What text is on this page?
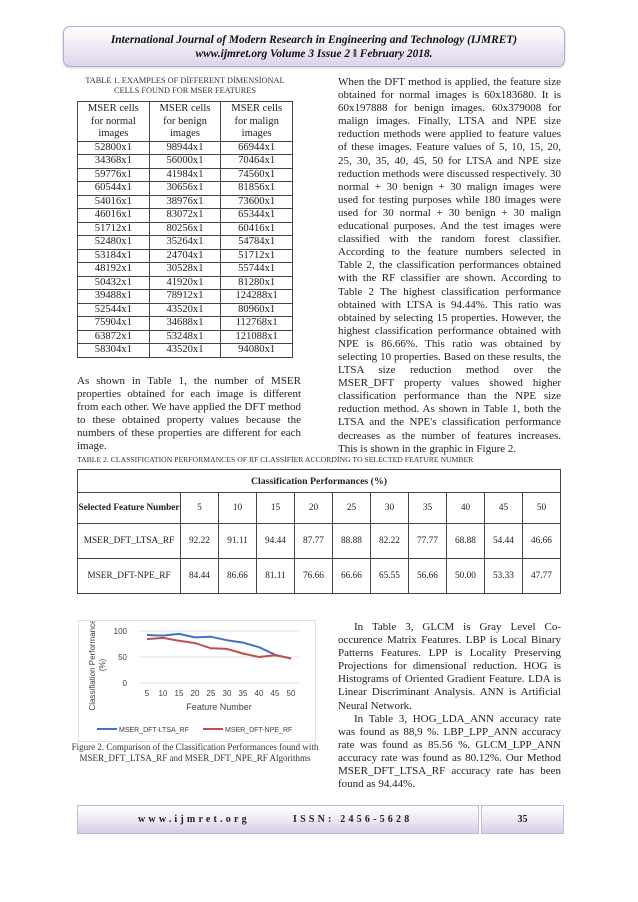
International Journal of Modern Research in Engineering and Technology (IJMRET)
www.ijmret.org Volume 3 Issue 2 ǁ February 2018.
TABLE 1. EXAMPLES OF DİFFERENT DİMENSİONAL
CELLS FOUND FOR MSER FEATURES
MSER cells
for normal
images	MSER cells
for benign
images	MSER cells
for malign
images
52800x1	98944x1	66944x1
34368x1	56000x1	70464x1
59776x1	41984x1	74560x1
60544x1	30656x1	81856x1
54016x1	38976x1	73600x1
46016x1	83072x1	65344x1
51712x1	80256x1	60416x1
52480x1	35264x1	54784x1
53184x1	24704x1	51712x1
48192x1	30528x1	55744x1
50432x1	41920x1	81280x1
39488x1	78912x1	124288x1
52544x1	43520x1	80960x1
75904x1	34688x1	112768x1
63872x1	53248x1	121088x1
58304x1	43520x1	94080x1

As shown in Table 1, the number of MSER properties obtained for each image is different from each other. We have applied the DFT method to these obtained property values because the numbers of these properties are different for each image.

When the DFT method is applied, the feature size obtained for normal images is 60x183680. It is 60x197888 for benign images. 60x379008 for malign images. Finally, LTSA and NPE size reduction methods were applied to feature values of these images. Feature values of 5, 10, 15, 20, 25, 30, 35, 40, 45, 50 for LTSA and NPE size reduction methods were discussed respectively. 30 normal + 30 benign + 30 malign images were used for testing purposes while 180 images were used for 30 normal + 30 benign + 30 malign educational purposes. And the test images were classified with the random forest classifier. According to the feature numbers selected in Table 2, the classification performances obtained with the RF classifier are shown. According to Table 2 The highest classification performance obtained with LTSA is 94.44%. This ratio was obtained by selecting 15 properties. However, the highest classification performance obtained with NPE is 86.66%. This ratio was obtained by selecting 10 properties. Based on these results, the LTSA size reduction method over the MSER_DFT property values showed higher classification performance than the NPE size reduction method. As shown in Table 1, both the LTSA and the NPE's classification performance decreases as the number of features increases. This is shown in the graphic in Figure 2.

TABLE 2. CLASSIFICATION PERFORMANCES OF RF CLASSİFİER ACCORDİNG TO SELECTED FEATURE NUMBER
Classification Performances (%)										
Selected Feature Number	5	10	15	20	25	30	35	40	45	50
MSER_DFT_LTSA_RF	92.22	91.11	94.44	87.77	88.88	82.22	77.77	68.88	54.44	46.66
MSER_DFT-NPE_RF	84.44	86.66	81.11	76.66	66.66	65.55	56.66	50.00	53.33	47.77
0
50
100
5 10 15 20 25 30 35 40 45 50
Feature Number
Classifiation Performance (%)
MSER_DFT-LTSA_RF	MSER_DFT-NPE_RF
Figure 2. Comparison of the Classification Performances found with MSER_DFT_LTSA_RF and MSER_DFT_NPE_RF Algorithms

In Table 3, GLCM is Gray Level Co-occurence Matrix Features. LBP is Local Binary Patterns Features. LPP is Locality Preserving Projections for dimensional reduction. HOG is Histograms of Oriented Gradient Feature. LDA is Linear Discriminant Analysis. ANN is Artificial Neural Network.

In Table 3, HOG_LDA_ANN accuracy rate was found as 88,9 %. LBP_LPP_ANN accuracy rate was found as 85.56 %. GLCM_LPP_ANN accuracy rate was found as 80.12%. Our Method MSER_DFT_LTSA_RF accuracy rate has been found as 94.44%.

www.ijmret.org	ISSN: 2456-5628	35
